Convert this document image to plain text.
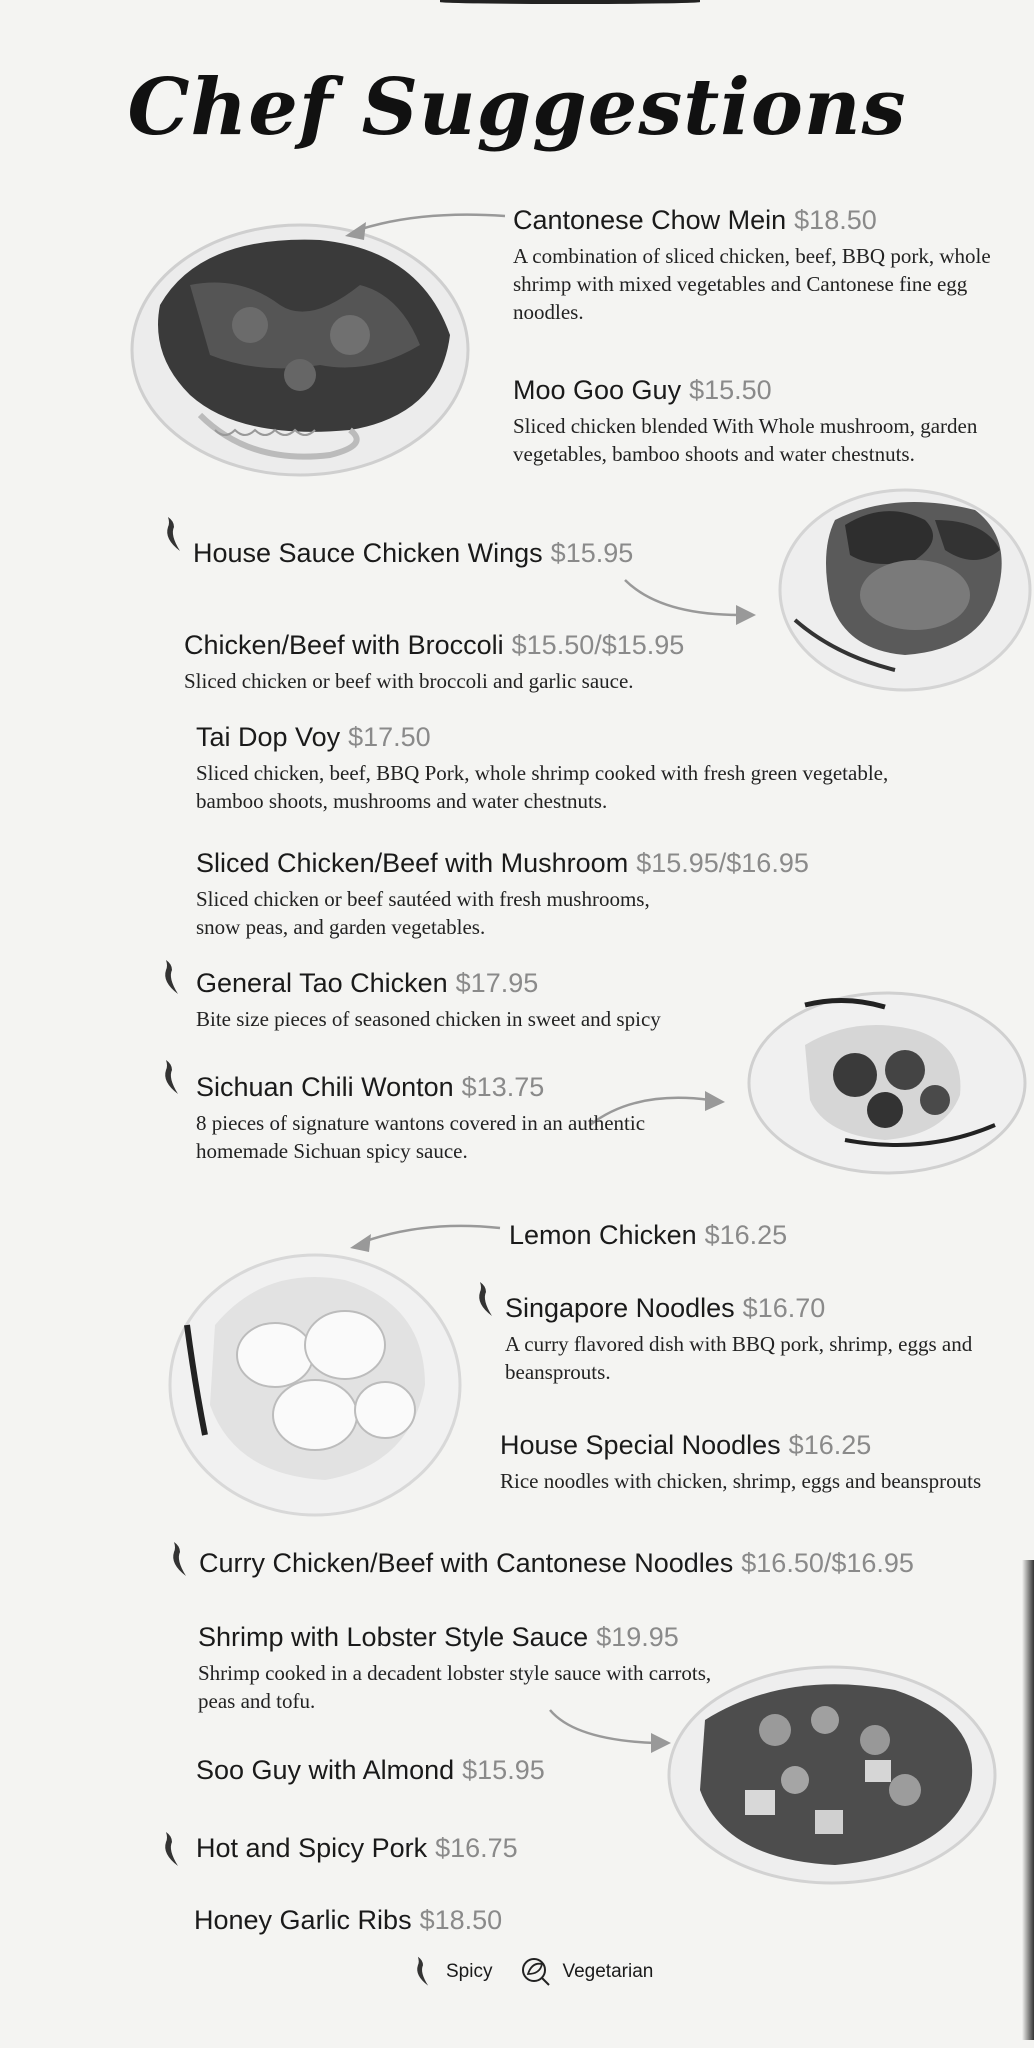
Chef Suggestions
Cantonese Chow Mein $18.50
A combination of sliced chicken, beef, BBQ pork, whole shrimp with mixed vegetables and Cantonese fine egg noodles.
Moo Goo Guy $15.50
Sliced chicken blended With Whole mushroom, garden vegetables, bamboo shoots and water chestnuts.
House Sauce Chicken Wings $15.95
Chicken/Beef with Broccoli $15.50/$15.95
Sliced chicken or beef with broccoli and garlic sauce.
Tai Dop Voy $17.50
Sliced chicken, beef, BBQ Pork, whole shrimp cooked with fresh green vegetable, bamboo shoots, mushrooms and water chestnuts.
Sliced Chicken/Beef with Mushroom $15.95/$16.95
Sliced chicken or beef sautéed with fresh mushrooms, snow peas, and garden vegetables.
General Tao Chicken $17.95
Bite size pieces of seasoned chicken in sweet and spicy
Sichuan Chili Wonton $13.75
8 pieces of signature wantons covered in an authentic homemade Sichuan spicy sauce.
Lemon Chicken $16.25
Singapore Noodles $16.70
A curry flavored dish with BBQ pork, shrimp, eggs and beansprouts.
House Special Noodles $16.25
Rice noodles with chicken, shrimp, eggs and beansprouts
Curry Chicken/Beef with Cantonese Noodles $16.50/$16.95
Shrimp with Lobster Style Sauce $19.95
Shrimp cooked in a decadent lobster style sauce with carrots, peas and tofu.
Soo Guy with Almond $15.95
Hot and Spicy Pork $16.75
Honey Garlic Ribs $18.50
Spicy	Vegetarian
